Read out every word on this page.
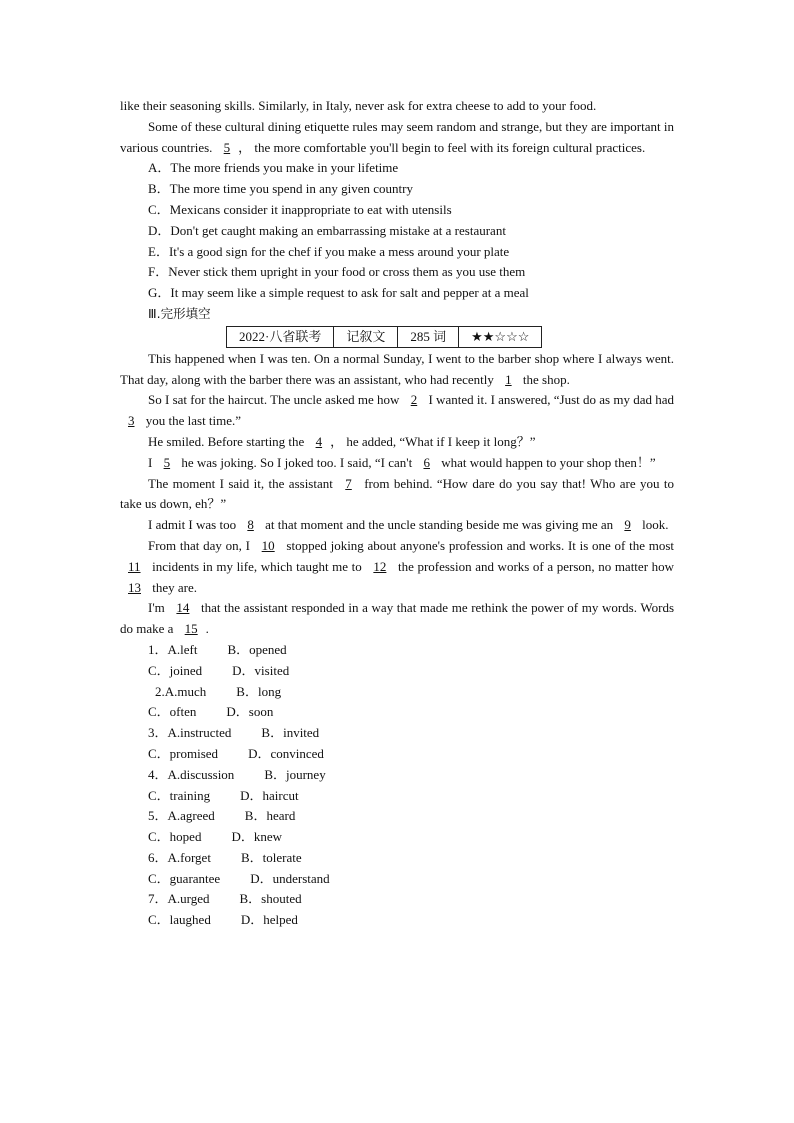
like their seasoning skills. Similarly, in Italy, never ask for extra cheese to add to your food.

Some of these cultural dining etiquette rules may seem random and strange, but they are important in various countries. 5 ， the more comfortable you'll begin to feel with its foreign cultural practices.

A．The more friends you make in your lifetime

B．The more time you spend in any given country

C．Mexicans consider it inappropriate to eat with utensils

D．Don't get caught making an embarrassing mistake at a restaurant

E．It's a good sign for the chef if you make a mess around your plate

F．Never stick them upright in your food or cross them as you use them

G．It may seem like a simple request to ask for salt and pepper at a meal

Ⅲ.完形填空

2022·八省联考	记叙文	285 词	★★☆☆☆

This happened when I was ten. On a normal Sunday, I went to the barber shop where I always went. That day, along with the barber there was an assistant, who had recently 1 the shop.

So I sat for the haircut. The uncle asked me how 2 I wanted it. I answered, “Just do as my dad had 3 you the last time.”

He smiled. Before starting the 4 ， he added, “What if I keep it long？”

I 5 he was joking. So I joked too. I said, “I can't 6 what would happen to your shop then！”

The moment I said it, the assistant 7 from behind. “How dare do you say that! Who are you to take us down, eh？”

I admit I was too 8 at that moment and the uncle standing beside me was giving me an 9 look.

From that day on, I 10 stopped joking about anyone's profession and works. It is one of the most 11 incidents in my life, which taught me to 12 the profession and works of a person, no matter how 13 they are.

I'm 14 that the assistant responded in a way that made me rethink the power of my words. Words do make a 15 .

1．A.left B．opened

C．joined D．visited

2.A.much B．long

C．often D．soon

3．A.instructed B．invited

C．promised D．convinced

4．A.discussion B．journey

C．training D．haircut

5．A.agreed B．heard

C．hoped D．knew

6．A.forget B．tolerate

C．guarantee D．understand

7．A.urged B．shouted

C．laughed D．helped
